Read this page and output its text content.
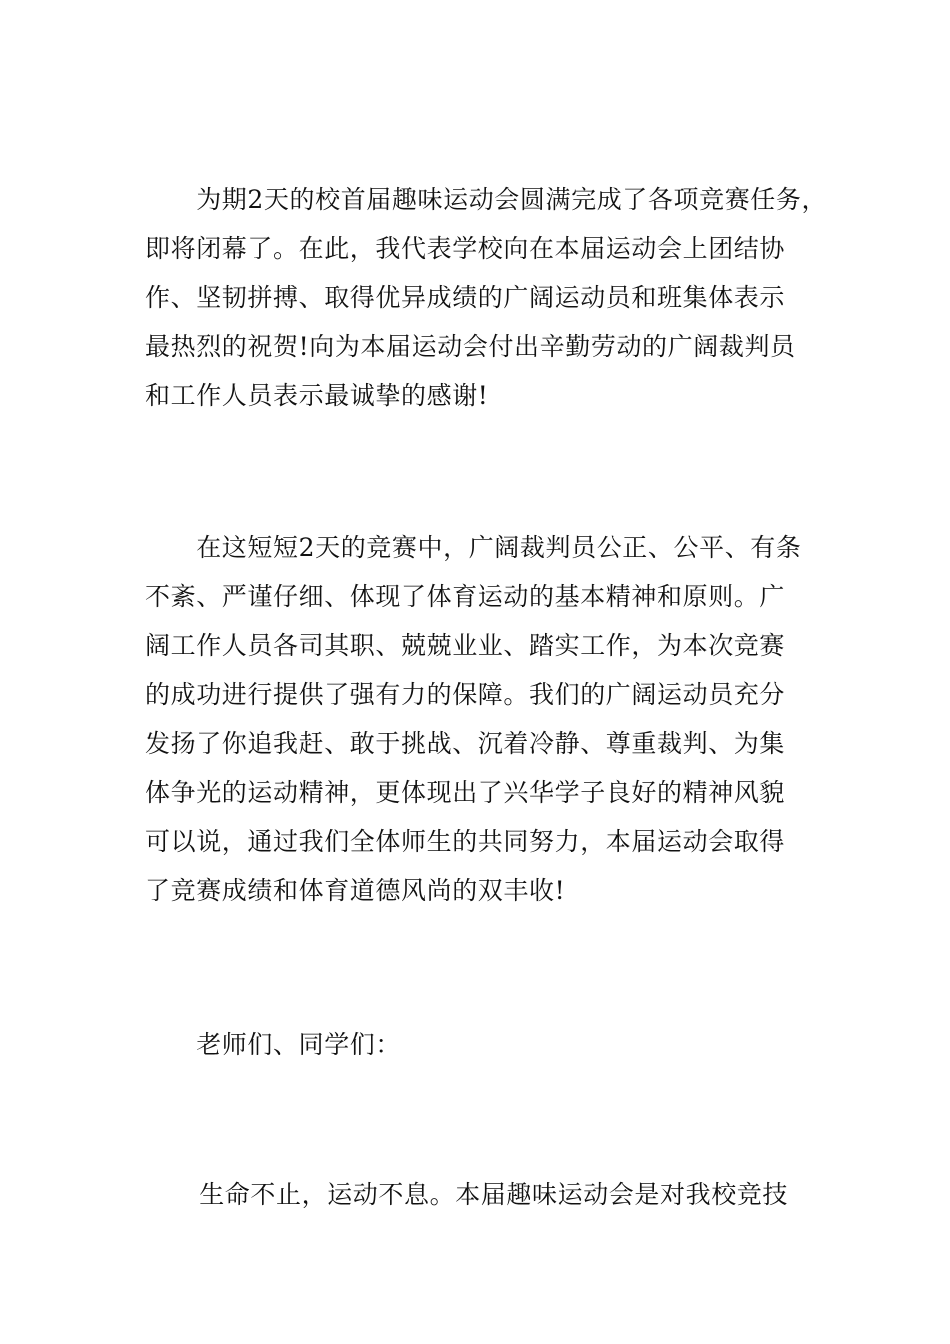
　　为期2天的校首届趣味运动会圆满完成了各项竞赛任务，
即将闭幕了。在此，我代表学校向在本届运动会上团结协
作、坚韧拼搏、取得优异成绩的广阔运动员和班集体表示
最热烈的祝贺!向为本届运动会付出辛勤劳动的广阔裁判员
和工作人员表示最诚挚的感谢!
　　在这短短2天的竞赛中，广阔裁判员公正、公平、有条
不紊、严谨仔细、体现了体育运动的基本精神和原则。广
阔工作人员各司其职、兢兢业业、踏实工作，为本次竞赛
的成功进行提供了强有力的保障。我们的广阔运动员充分
发扬了你追我赶、敢于挑战、沉着冷静、尊重裁判、为集
体争光的运动精神，更体现出了兴华学子良好的精神风貌
可以说，通过我们全体师生的共同努力，本届运动会取得
了竞赛成绩和体育道德风尚的双丰收!
　　老师们、同学们：
　　生命不止，运动不息。本届趣味运动会是对我校竞技
